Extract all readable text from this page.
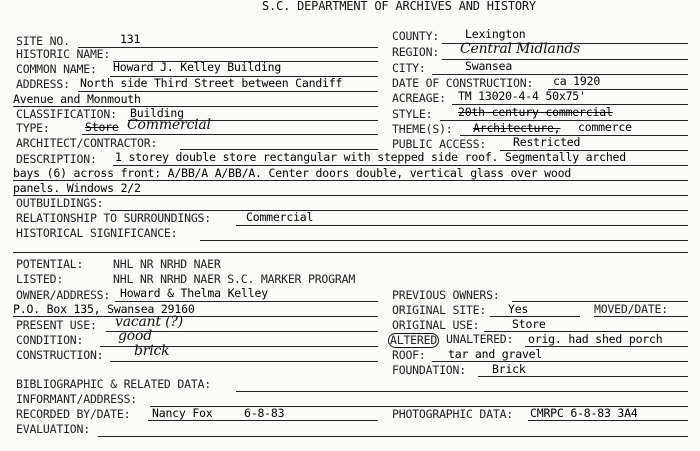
S.C. DEPARTMENT OF ARCHIVES AND HISTORY
SITE NO.	131
HISTORIC NAME:
COMMON NAME: Howard J. Kelley Building
ADDRESS: North side Third Street between Candiff
Avenue and Monmouth
CLASSIFICATION: Building
TYPE:	Store Commercial
ARCHITECT/CONTRACTOR:
COUNTY: Lexington
REGION: Central Midlands
CITY:	Swansea
DATE OF CONSTRUCTION: ca 1920
ACREAGE: TM 13020-4-4 50x75'
STYLE: 20th century commercial
THEME(S): Architecture, commerce
PUBLIC ACCESS: Restricted
DESCRIPTION: 1 storey double store rectangular with stepped side roof. Segmentally arched
bays (6) across front: A/BB/A A/BB/A. Center doors double, vertical glass over wood
panels. Windows 2/2
OUTBUILDINGS:
RELATIONSHIP TO SURROUNDINGS:	Commercial
HISTORICAL SIGNIFICANCE:
POTENTIAL:	NHL NR NRHD NAER
LISTED:	NHL NR NRHD NAER S.C. MARKER PROGRAM
OWNER/ADDRESS: Howard & Thelma Kelley
P.O. Box 135, Swansea 29160
PRESENT USE: vacant (?)
CONDITION: good
CONSTRUCTION: brick
PREVIOUS OWNERS:
ORIGINAL SITE: Yes	MOVED/DATE:
ORIGINAL USE:	Store
ALTERED UNALTERED: orig. had shed porch
ROOF: tar and gravel
FOUNDATION: Brick
BIBLIOGRAPHIC & RELATED DATA:
INFORMANT/ADDRESS:
RECORDED BY/DATE: Nancy Fox	6-8-83	PHOTOGRAPHIC DATA: CMRPC 6-8-83 3A4
EVALUATION:
